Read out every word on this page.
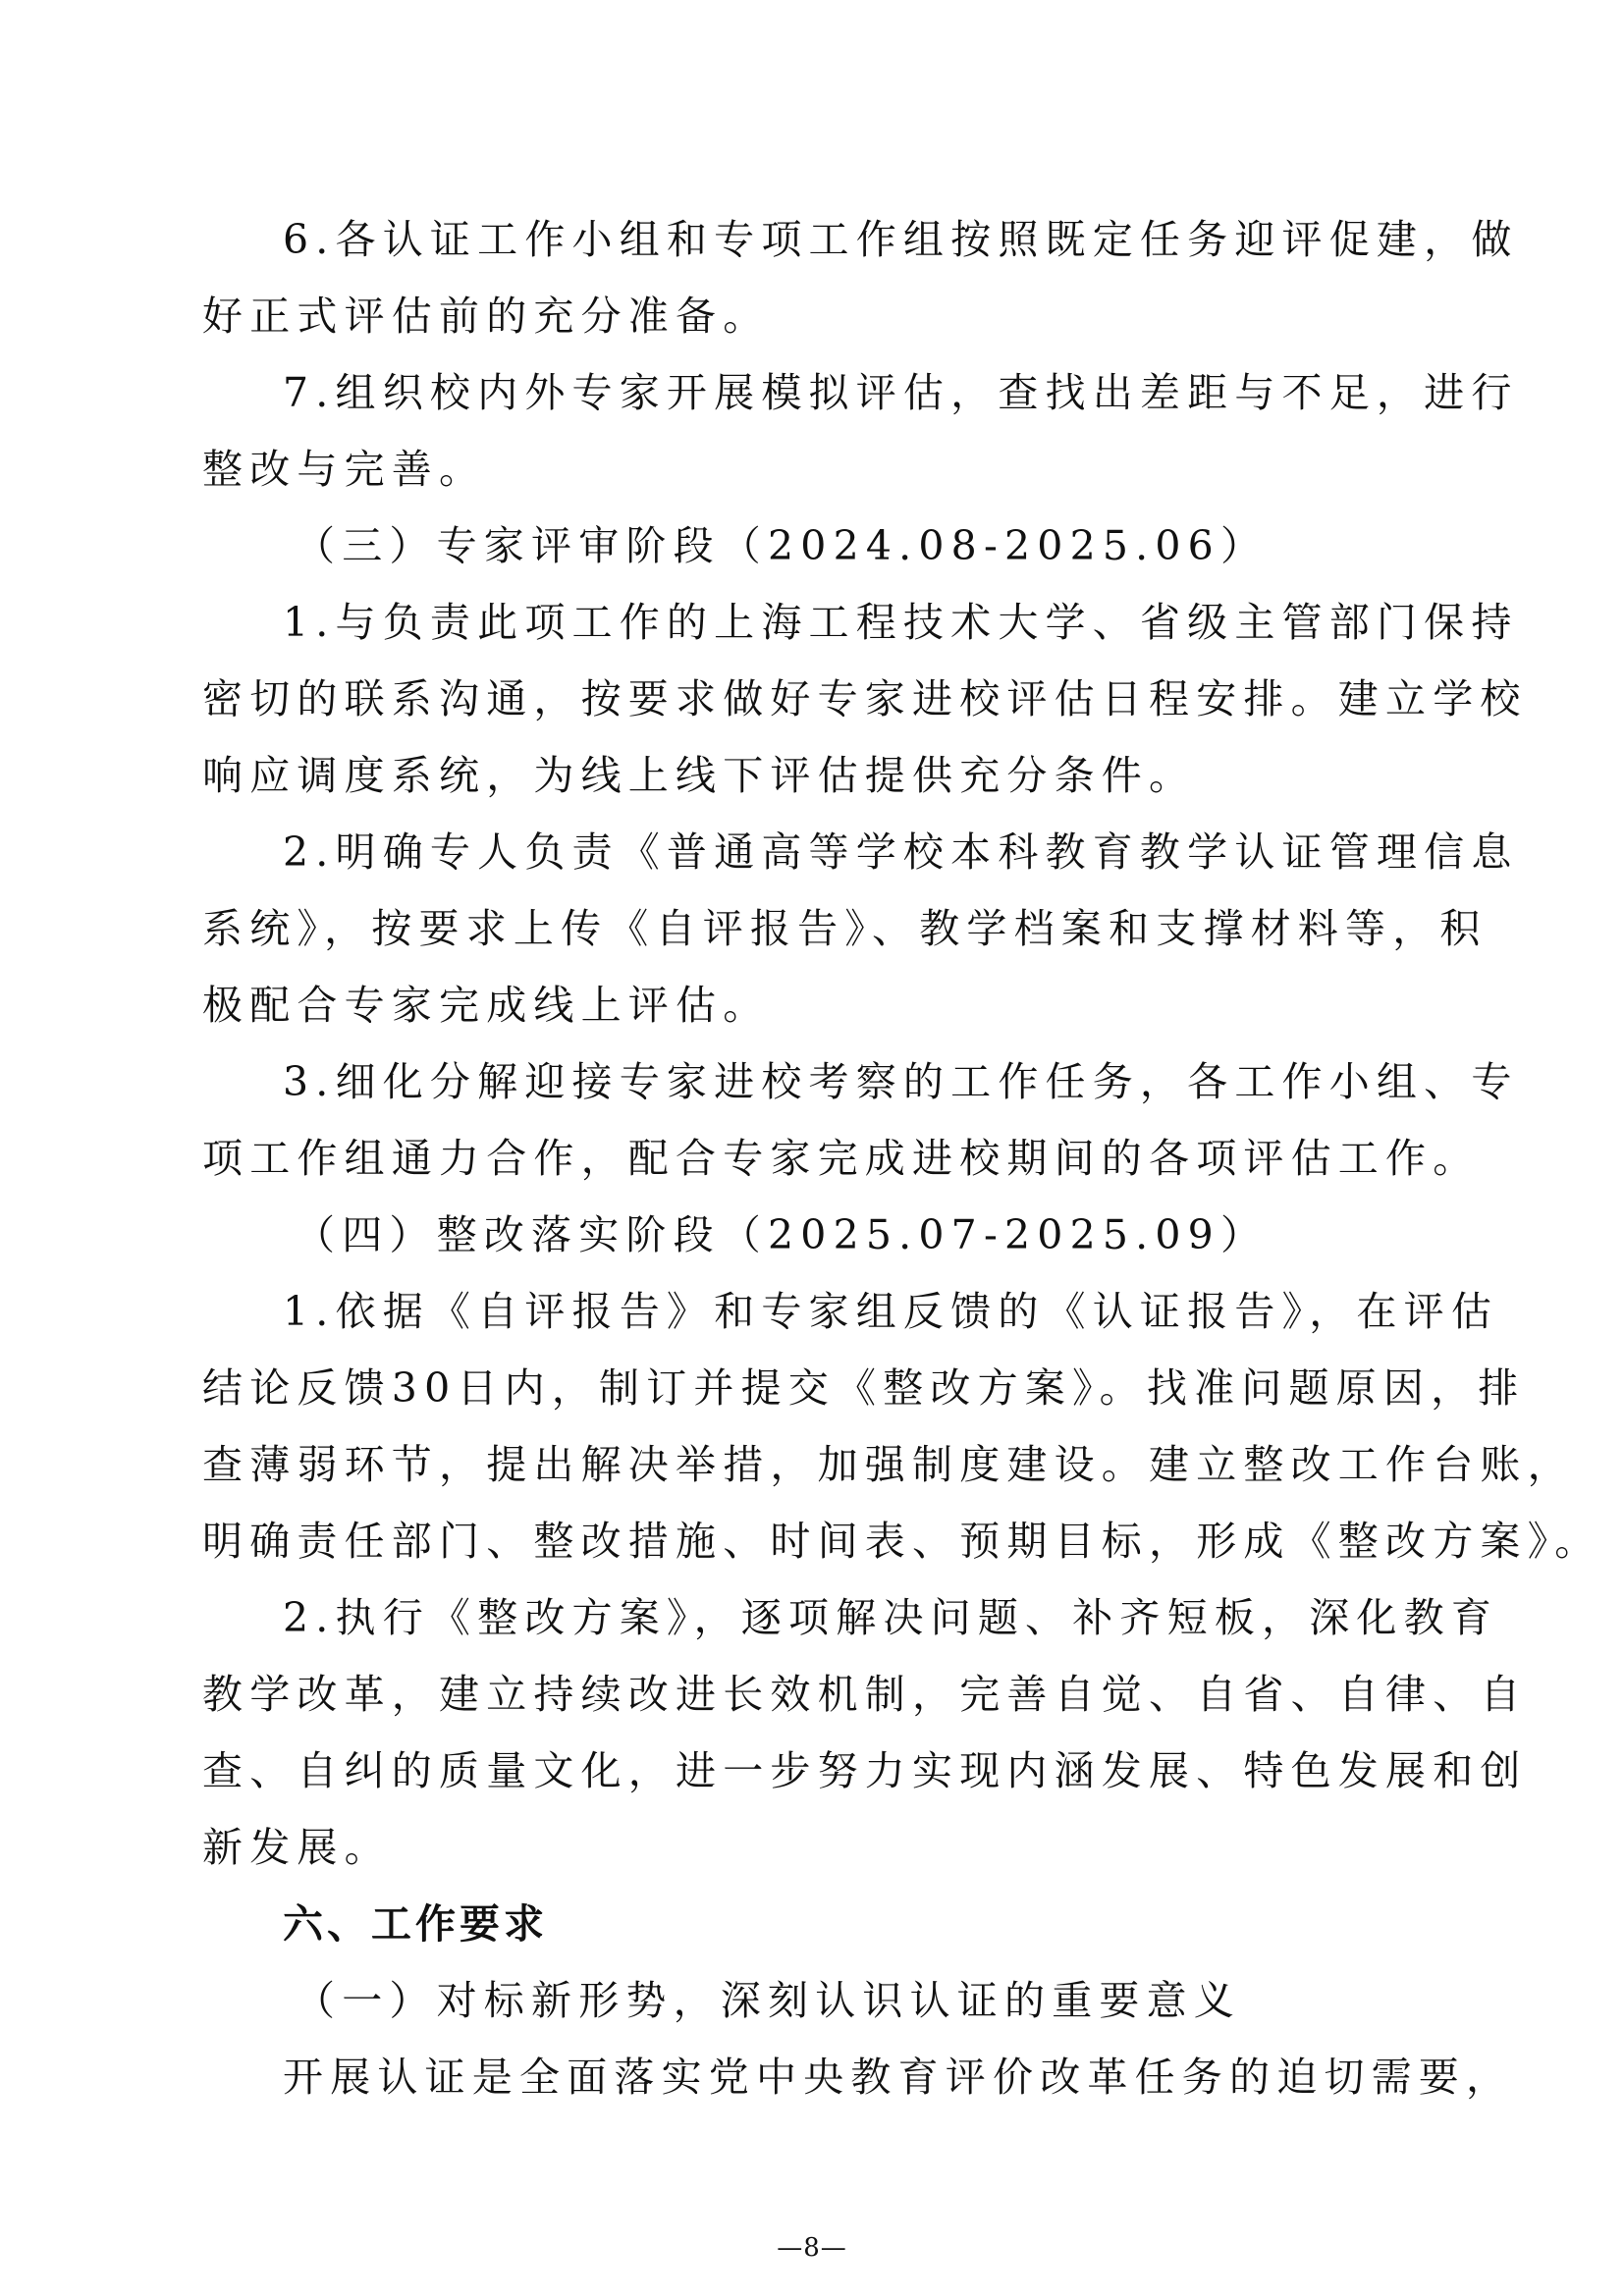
6.各认证工作小组和专项工作组按照既定任务迎评促建，做
好正式评估前的充分准备。
7.组织校内外专家开展模拟评估，查找出差距与不足，进行
整改与完善。
（三）专家评审阶段（2024.08-2025.06）
1.与负责此项工作的上海工程技术大学、省级主管部门保持
密切的联系沟通，按要求做好专家进校评估日程安排。建立学校
响应调度系统，为线上线下评估提供充分条件。
2.明确专人负责《普通高等学校本科教育教学认证管理信息
系统》，按要求上传《自评报告》、教学档案和支撑材料等，积
极配合专家完成线上评估。
3.细化分解迎接专家进校考察的工作任务，各工作小组、专
项工作组通力合作，配合专家完成进校期间的各项评估工作。
（四）整改落实阶段（2025.07-2025.09）
1.依据《自评报告》和专家组反馈的《认证报告》，在评估
结论反馈30日内，制订并提交《整改方案》。找准问题原因，排
查薄弱环节，提出解决举措，加强制度建设。建立整改工作台账，
明确责任部门、整改措施、时间表、预期目标，形成《整改方案》。
2.执行《整改方案》，逐项解决问题、补齐短板，深化教育
教学改革，建立持续改进长效机制，完善自觉、自省、自律、自
查、自纠的质量文化，进一步努力实现内涵发展、特色发展和创
新发展。
六、工作要求
（一）对标新形势，深刻认识认证的重要意义
开展认证是全面落实党中央教育评价改革任务的迫切需要，
—8—
